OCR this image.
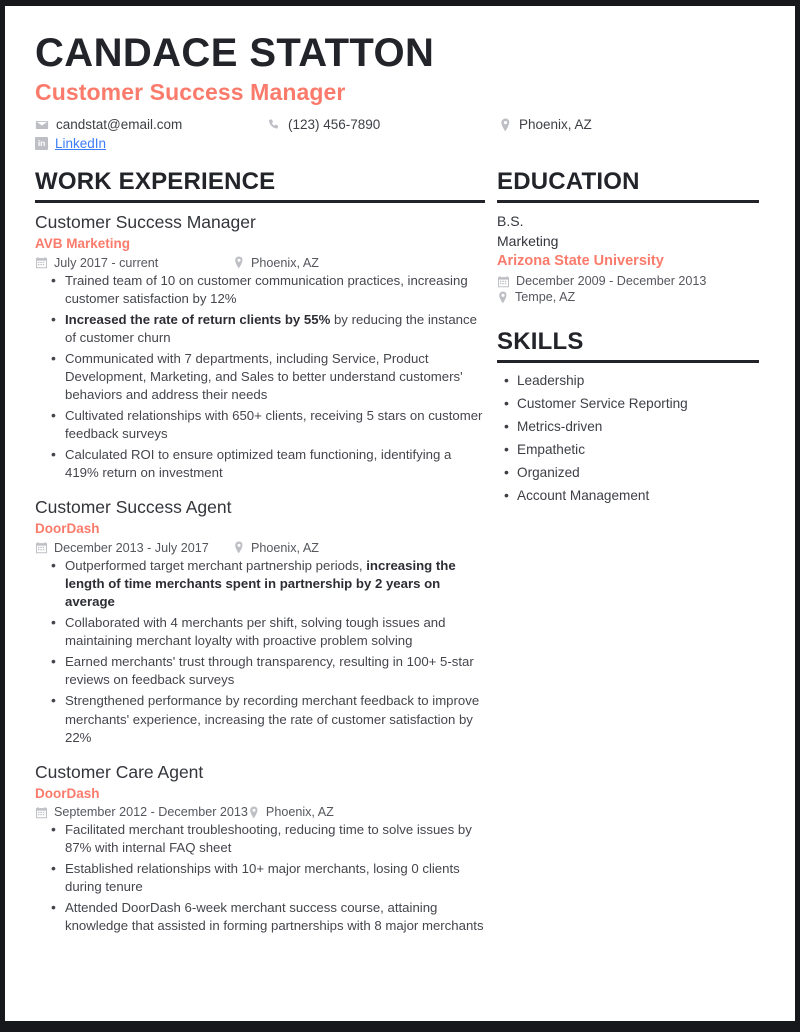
CANDACE STATTON
Customer Success Manager
candstat@email.com	(123) 456-7890	Phoenix, AZ
in LinkedIn
WORK EXPERIENCE
Customer Success Manager
AVB Marketing
July 2017 - current	Phoenix, AZ
• Trained team of 10 on customer communication practices, increasing customer satisfaction by 12%
• Increased the rate of return clients by 55% by reducing the instance of customer churn
• Communicated with 7 departments, including Service, Product Development, Marketing, and Sales to better understand customers' behaviors and address their needs
• Cultivated relationships with 650+ clients, receiving 5 stars on customer feedback surveys
• Calculated ROI to ensure optimized team functioning, identifying a 419% return on investment
Customer Success Agent
DoorDash
December 2013 - July 2017	Phoenix, AZ
• Outperformed target merchant partnership periods, increasing the length of time merchants spent in partnership by 2 years on average
• Collaborated with 4 merchants per shift, solving tough issues and maintaining merchant loyalty with proactive problem solving
• Earned merchants' trust through transparency, resulting in 100+ 5-star reviews on feedback surveys
• Strengthened performance by recording merchant feedback to improve merchants' experience, increasing the rate of customer satisfaction by 22%
Customer Care Agent
DoorDash
September 2012 - December 2013 Phoenix, AZ
• Facilitated merchant troubleshooting, reducing time to solve issues by 87% with internal FAQ sheet
• Established relationships with 10+ major merchants, losing 0 clients during tenure
• Attended DoorDash 6-week merchant success course, attaining knowledge that assisted in forming partnerships with 8 major merchants
EDUCATION
B.S.
Marketing
Arizona State University
December 2009 - December 2013
Tempe, AZ
SKILLS
• Leadership
• Customer Service Reporting
• Metrics-driven
• Empathetic
• Organized
• Account Management
